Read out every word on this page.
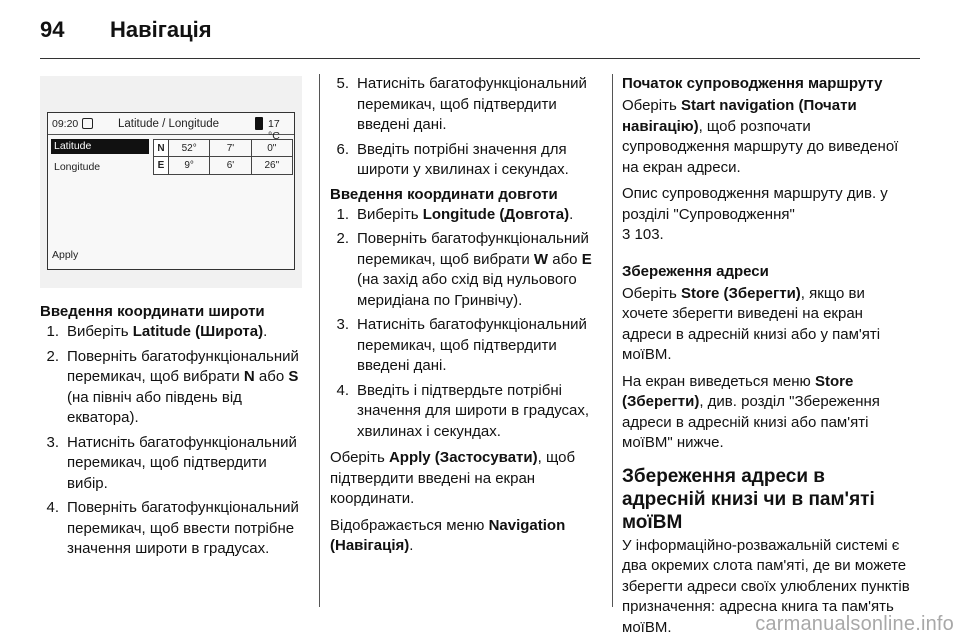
94	Навігація
09:20	Latitude / Longitude	17 °C
Latitude
Longitude
N	52°	7'	0"
E	9°	6'	26"
Apply
Введення координати широти
1. Виберіть Latitude (Широта).
2. Поверніть багатофункціональний перемикач, щоб вибрати N або S (на північ або південь від екватора).
3. Натисніть багатофункціональний перемикач, щоб підтвердити вибір.
4. Поверніть багатофункціональний перемикач, щоб ввести потрібне значення широти в градусах.
5. Натисніть багатофункціональний перемикач, щоб підтвердити введені дані.
6. Введіть потрібні значення для широти у хвилинах і секундах.
Введення координати довготи
1. Виберіть Longitude (Довгота).
2. Поверніть багатофункціональний перемикач, щоб вибрати W або E (на захід або схід від нульового меридіана по Гринвічу).
3. Натисніть багатофункціональний перемикач, щоб підтвердити введені дані.
4. Введіть і підтвердьте потрібні значення для широти в градусах, хвилинах і секундах.

Оберіть Apply (Застосувати), щоб підтвердити введені на екран координати.

Відображається меню Navigation (Навігація).

Початок супроводження маршруту

Оберіть Start navigation (Почати навігацію), щоб розпочати супроводження маршруту до виведеної на екран адреси.

Опис супроводження маршруту див. у розділі "Супроводження"
3 103.

Збереження адреси

Оберіть Store (Зберегти), якщо ви хочете зберегти виведені на екран адреси в адресній книзі або у пам'яті моїВМ.

На екран виведеться меню Store (Зберегти), див. розділ "Збереження адреси в адресній книзі або пам'яті моїВМ" нижче.

Збереження адреси в адресній книзі чи в пам'яті моїВМ

У інформаційно-розважальній системі є два окремих слота пам'яті, де ви можете зберегти адреси своїх улюблених пунктів призначення: адресна книга та пам'ять моїВМ.	carmanualsonline.info
